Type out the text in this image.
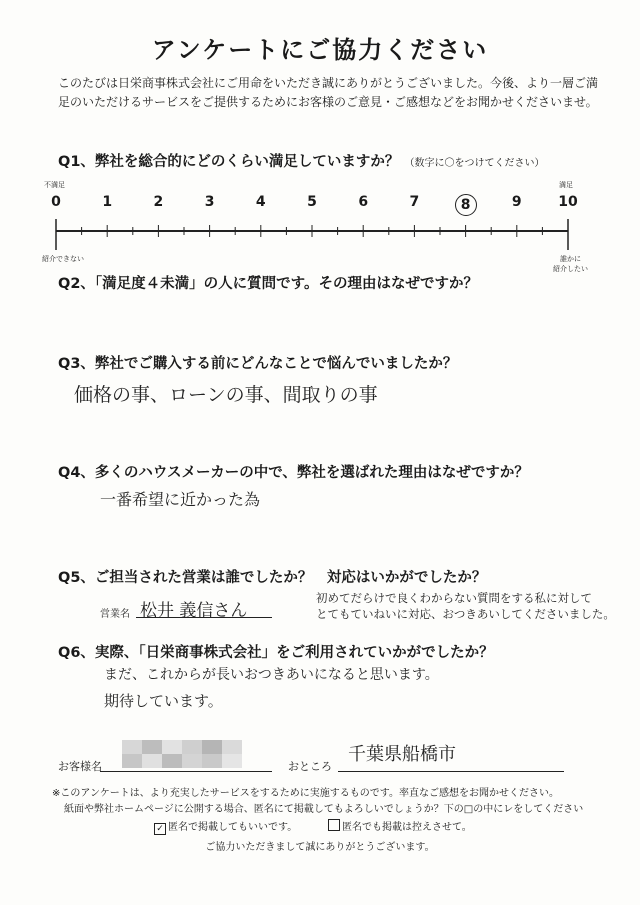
アンケートにご協力ください
このたびは日栄商事株式会社にご用命をいただき誠にありがとうございました。今後、より一層ご満足のいただけるサービスをご提供するためにお客様のご意見・ご感想などをお聞かせくださいませ。
Q1、弊社を総合的にどのくらい満足していますか？ （数字に〇をつけてください）
不満足	満足
0	1	2	3	4	5	6	7	8	9	10
紹介できない	誰かに
紹介したい
Q2、「満足度４未満」の人に質問です。その理由はなぜですか？
Q3、弊社でご購入する前にどんなことで悩んでいましたか？
価格の事、ローンの事、間取りの事
Q4、多くのハウスメーカーの中で、弊社を選ばれた理由はなぜですか？
一番希望に近かった為
Q5、ご担当された営業は誰でしたか？　対応はいかがでしたか？
営業名 松井 義信さん
初めてだらけで良くわからない質問をする私に対して
とてもていねいに対応、おつきあいしてくださいました。
Q6、実際、「日栄商事株式会社」をご利用されていかがでしたか？
まだ、これからが長いおつきあいになると思います。
期待しています。
お客様名	おところ
千葉県船橋市
※このアンケートは、より充実したサービスをするために実施するものです。率直なご感想をお聞かせください。
紙面や弊社ホームページに公開する場合、匿名にて掲載してもよろしいでしょうか？下の□の中にレをしてください
✓ 匿名で掲載してもいいです。	匿名でも掲載は控えさせて。
ご協力いただきまして誠にありがとうございます。
